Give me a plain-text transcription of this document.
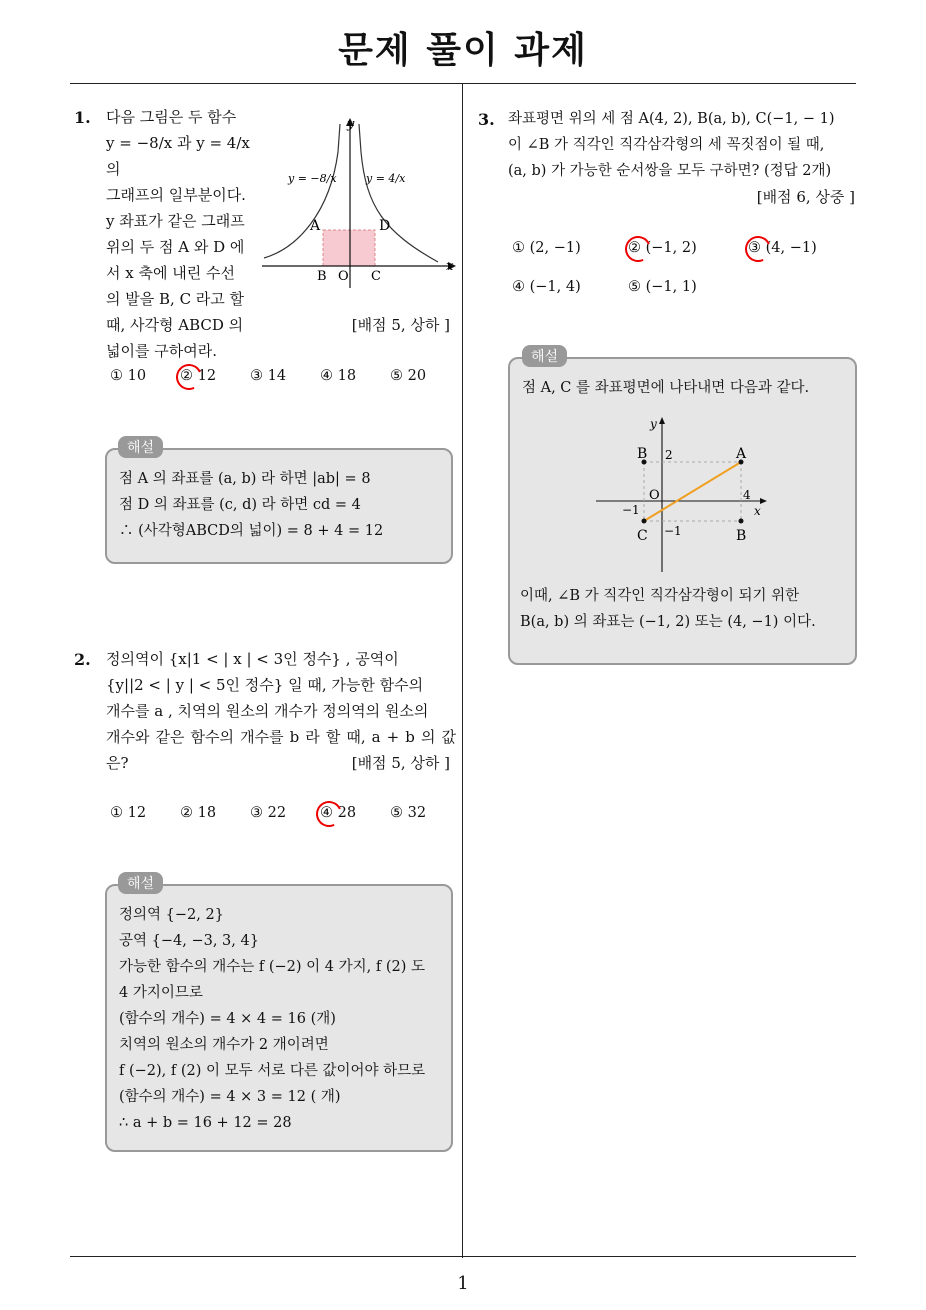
문제 풀이 과제
1
1. 다음 그림은 두 함수
y = −8/x 과 y = 4/x 의
그래프의 일부분이다.
y 좌표가 같은 그래프
위의 두 점 A 와 D 에
서 x 축에 내린 수선
의 발을 B, C 라고 할
때, 사각형 ABCD 의
넓이를 구하여라.
[배점 5, 상하 ]
y = −8/x	y = 4/x
A	D
B O C
x
y
① 10 ② 12 ③ 14 ④ 18 ⑤ 20
점 A 의 좌표를 (a, b) 라 하면 |ab| = 8
점 D 의 좌표를 (c, d) 라 하면 cd = 4
∴ (사각형ABCD의 넓이) = 8 + 4 = 12
해설
2. 정의역이 {x|1 < | x | < 3인 정수} , 공역이
{y||2 < | y | < 5인 정수} 일 때, 가능한 함수의
개수를 a , 치역의 원소의 개수가 정의역의 원소의
개수와 같은 함수의 개수를 b 라 할 때, a + b 의 값은?	[배점 5, 상하 ]
① 12 ② 18 ③ 22 ④ 28 ⑤ 32
정의역 {−2, 2}
공역 {−4, −3, 3, 4}
가능한 함수의 개수는 f (−2) 이 4 가지, f (2) 도
4 가지이므로
(함수의 개수) = 4 × 4 = 16 (개)
치역의 원소의 개수가 2 개이려면
f (−2), f (2) 이 모두 서로 다른 값이어야 하므로
(함수의 개수) = 4 × 3 = 12 ( 개)
∴ a + b = 16 + 12 = 28
해설
3. 좌표평면 위의 세 점 A(4, 2), B(a, b), C(−1, − 1)
이 ∠B 가 직각인 직각삼각형의 세 꼭짓점이 될 때,
(a, b) 가 가능한 순서쌍을 모두 구하면? (정답 2개)
[배점 6, 상중 ]
① (2, −1)	② (−1, 2)	③ (4, −1)
④ (−1, 4)	⑤ (−1, 1)
점 A, C 를 좌표평면에 나타내면 다음과 같다.
이때, ∠B 가 직각인 직각삼각형이 되기 위한
B(a, b) 의 좌표는 (−1, 2) 또는 (4, −1) 이다.
해설
A
B
C	B
O
2
4
−1
−1
x
y
